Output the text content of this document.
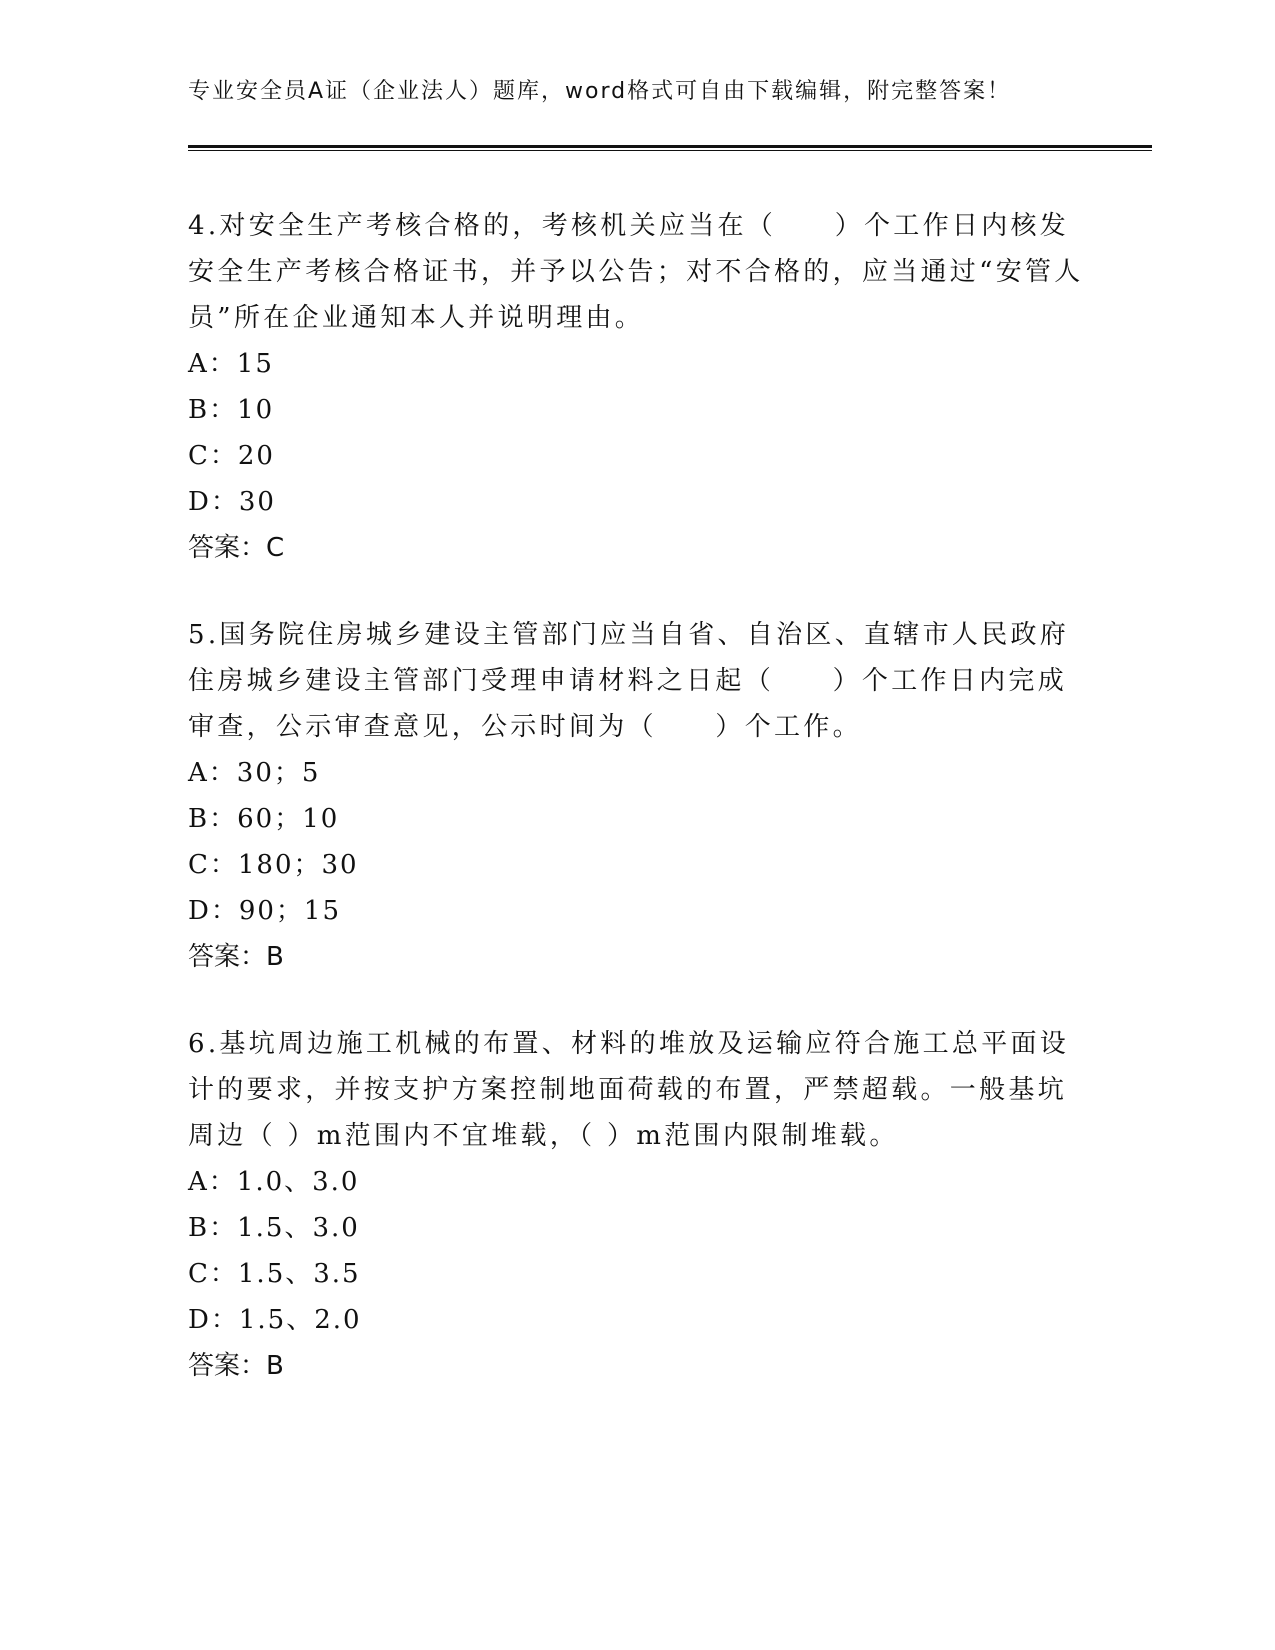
专业安全员A证（企业法人）题库，word格式可自由下载编辑，附完整答案！

4.对安全生产考核合格的，考核机关应当在（　　）个工作日内核发安全生产考核合格证书，并予以公告；对不合格的，应当通过“安管人员”所在企业通知本人并说明理由。

A：15

B：10

C：20

D：30

答案：C

5.国务院住房城乡建设主管部门应当自省、自治区、直辖市人民政府住房城乡建设主管部门受理申请材料之日起（　　）个工作日内完成审查，公示审查意见，公示时间为（　　）个工作。

A：30；5

B：60；10

C：180；30

D：90；15

答案：B

6.基坑周边施工机械的布置、材料的堆放及运输应符合施工总平面设计的要求，并按支护方案控制地面荷载的布置，严禁超载。一般基坑周边（ ）m范围内不宜堆载，（ ）m范围内限制堆载。

A：1.0、3.0

B：1.5、3.0

C：1.5、3.5

D：1.5、2.0

答案：B
